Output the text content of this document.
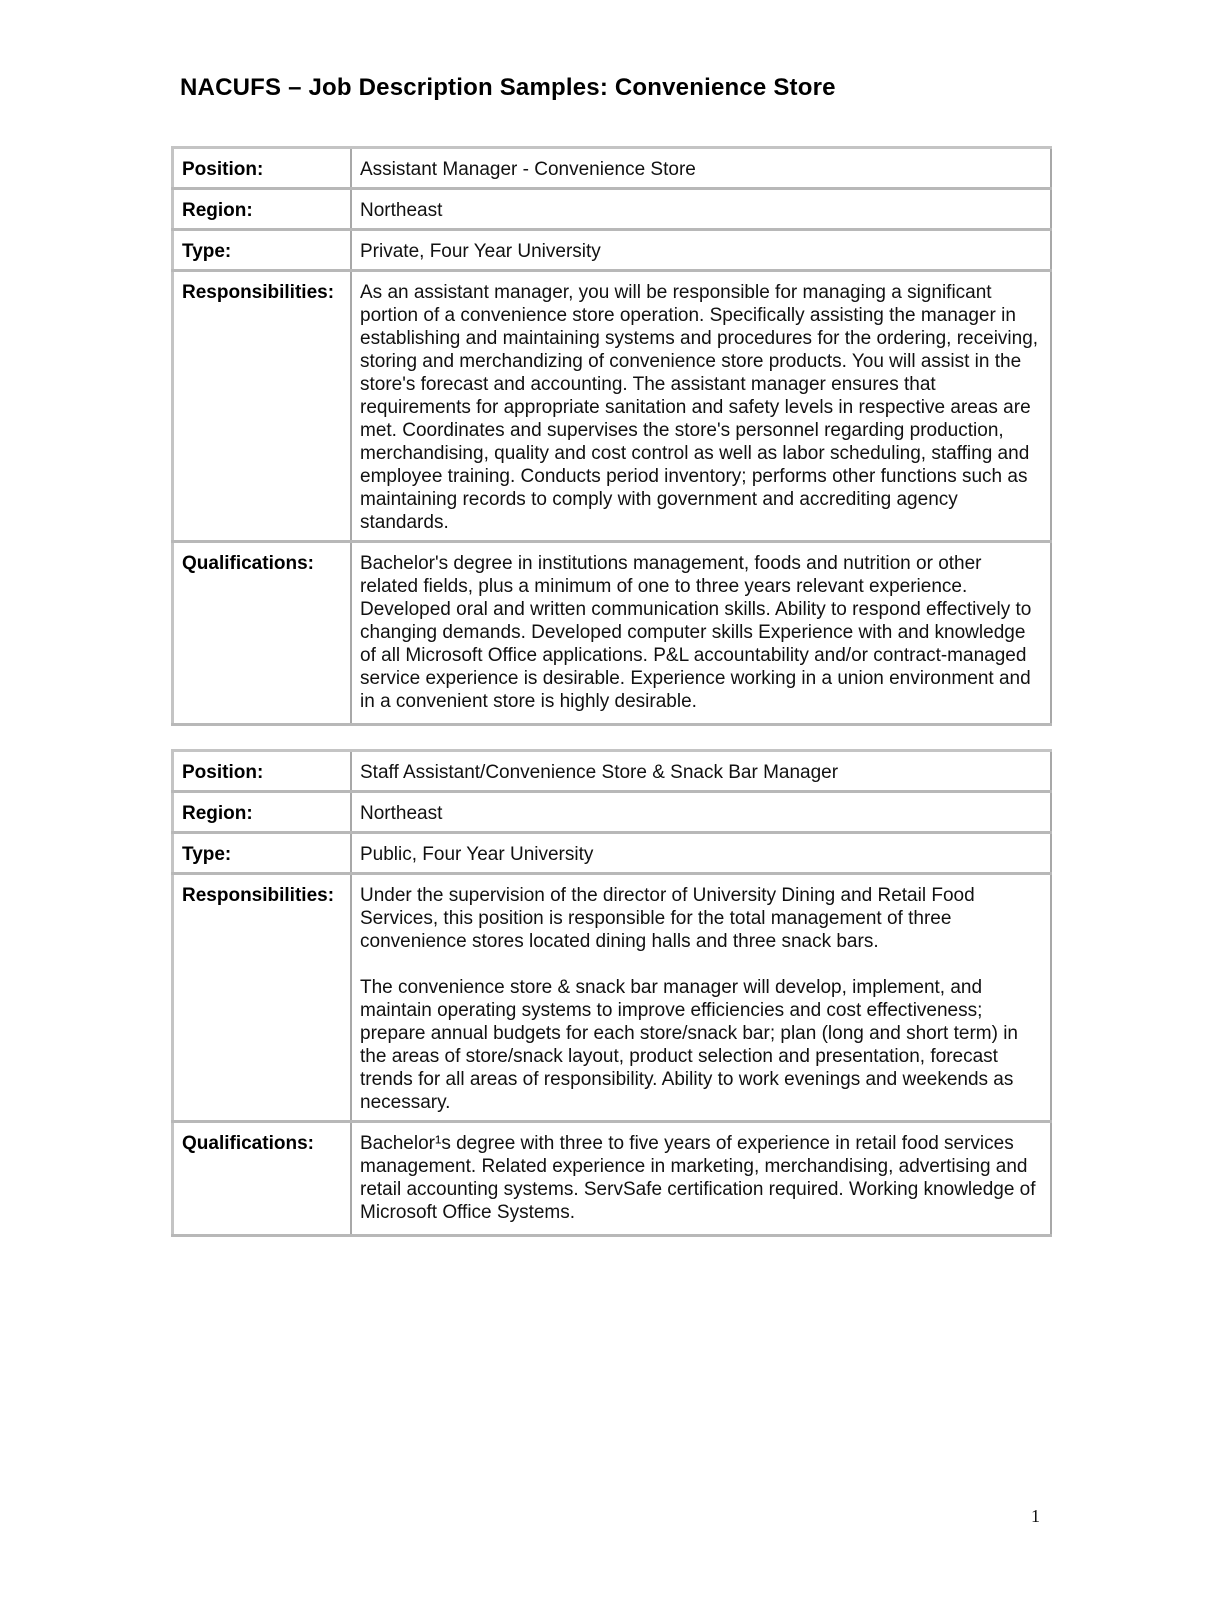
NACUFS – Job Description Samples: Convenience Store
Position:	Assistant Manager - Convenience Store
Region:	Northeast
Type:	Private, Four Year University
Responsibilities:	As an assistant manager, you will be responsible for managing a significant portion of a convenience store operation. Specifically assisting the manager in establishing and maintaining systems and procedures for the ordering, receiving, storing and merchandizing of convenience store products. You will assist in the store's forecast and accounting. The assistant manager ensures that requirements for appropriate sanitation and safety levels in respective areas are met. Coordinates and supervises the store's personnel regarding production, merchandising, quality and cost control as well as labor scheduling, staffing and employee training. Conducts period inventory; performs other functions such as maintaining records to comply with government and accrediting agency standards.

Qualifications:	Bachelor's degree in institutions management, foods and nutrition or other related fields, plus a minimum of one to three years relevant experience. Developed oral and written communication skills. Ability to respond effectively to changing demands. Developed computer skills Experience with and knowledge of all Microsoft Office applications. P&L accountability and/or contract-managed service experience is desirable. Experience working in a union environment and in a convenient store is highly desirable.
Position:	Staff Assistant/Convenience Store & Snack Bar Manager
Region:	Northeast
Type:	Public, Four Year University
Responsibilities:	Under the supervision of the director of University Dining and Retail Food Services, this position is responsible for the total management of three convenience stores located dining halls and three snack bars.

The convenience store & snack bar manager will develop, implement, and maintain operating systems to improve efficiencies and cost effectiveness; prepare annual budgets for each store/snack bar; plan (long and short term) in the areas of store/snack layout, product selection and presentation, forecast trends for all areas of responsibility. Ability to work evenings and weekends as necessary.

Qualifications:	Bachelor¹s degree with three to five years of experience in retail food services management. Related experience in marketing, merchandising, advertising and retail accounting systems. ServSafe certification required. Working knowledge of Microsoft Office Systems.
1
